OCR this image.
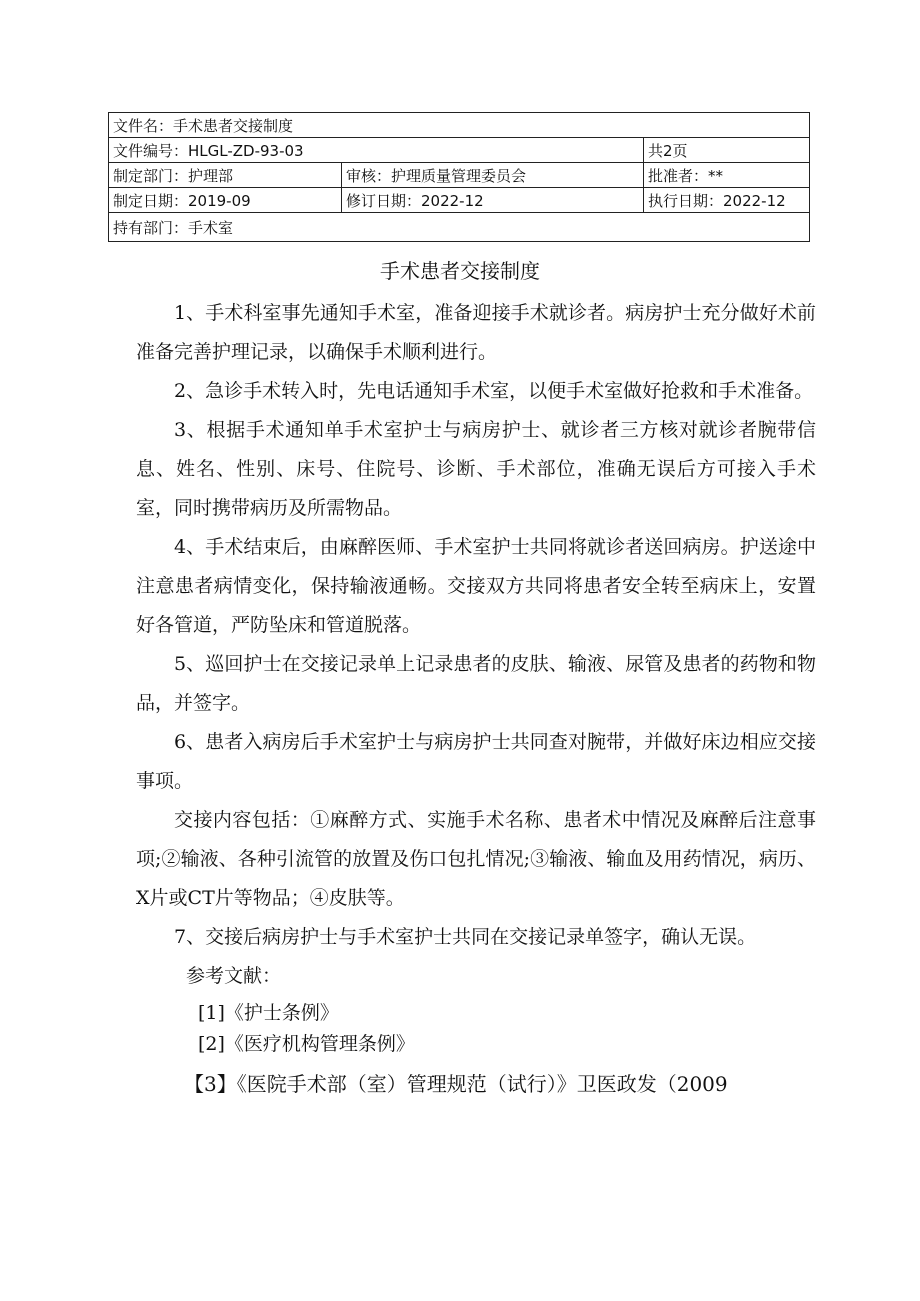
文件名：手术患者交接制度		
文件编号：HLGL-ZD-93-03		共2页
制定部门：护理部	审核：护理质量管理委员会	批准者：**
制定日期：2019-09	修订日期：2022-12	执行日期：2022-12
持有部门：手术室		
手术患者交接制度

1、手术科室事先通知手术室，准备迎接手术就诊者。病房护士充分做好术前准备完善护理记录，以确保手术顺利进行。

2、急诊手术转入时，先电话通知手术室，以便手术室做好抢救和手术准备。

3、根据手术通知单手术室护士与病房护士、就诊者三方核对就诊者腕带信息、姓名、性别、床号、住院号、诊断、手术部位，准确无误后方可接入手术室，同时携带病历及所需物品。

4、手术结束后，由麻醉医师、手术室护士共同将就诊者送回病房。护送途中注意患者病情变化，保持输液通畅。交接双方共同将患者安全转至病床上，安置好各管道，严防坠床和管道脱落。

5、巡回护士在交接记录单上记录患者的皮肤、输液、尿管及患者的药物和物品，并签字。

6、患者入病房后手术室护士与病房护士共同查对腕带，并做好床边相应交接事项。

交接内容包括：①麻醉方式、实施手术名称、患者术中情况及麻醉后注意事项;②输液、各种引流管的放置及伤口包扎情况;③输液、输血及用药情况，病历、X片或CT片等物品；④皮肤等。

7、交接后病房护士与手术室护士共同在交接记录单签字，确认无误。

参考文献：

[1]《护士条例》

[2]《医疗机构管理条例》

【3】《医院手术部（室）管理规范（试行）》卫医政发（2009
